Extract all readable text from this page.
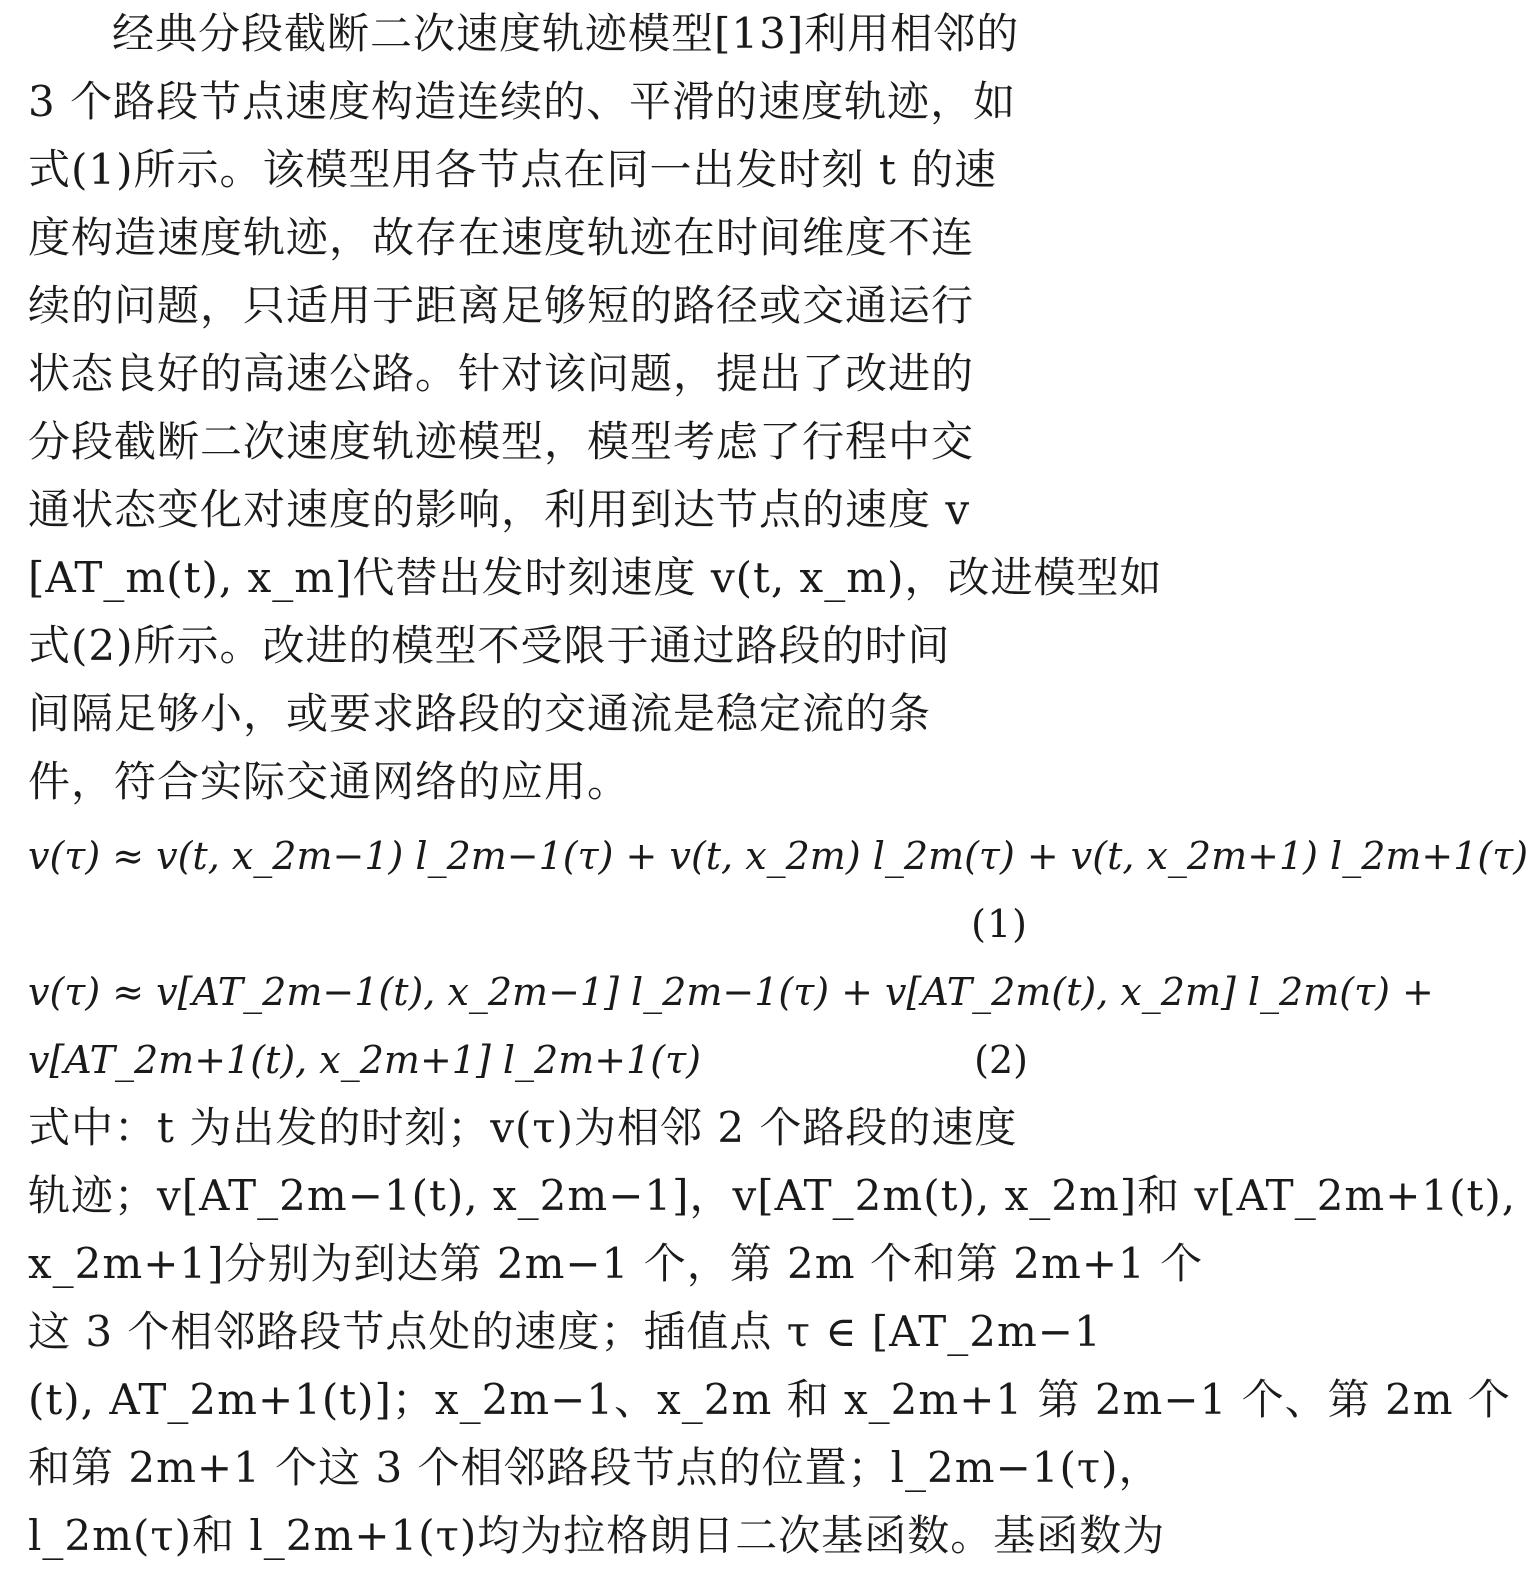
经典分段截断二次速度轨迹模型[13]利用相邻的
3 个路段节点速度构造连续的、平滑的速度轨迹，如
式(1)所示。该模型用各节点在同一出发时刻 t 的速
度构造速度轨迹，故存在速度轨迹在时间维度不连
续的问题，只适用于距离足够短的路径或交通运行
状态良好的高速公路。针对该问题，提出了改进的
分段截断二次速度轨迹模型，模型考虑了行程中交
通状态变化对速度的影响，利用到达节点的速度 v
[AT_m(t), x_m]代替出发时刻速度 v(t, x_m)，改进模型如
式(2)所示。改进的模型不受限于通过路段的时间
间隔足够小，或要求路段的交通流是稳定流的条
件，符合实际交通网络的应用。
v(τ) ≈ v(t, x_2m−1) l_2m−1(τ) + v(t, x_2m) l_2m(τ) + v(t, x_2m+1) l_2m+1(τ)
(1)
v(τ) ≈ v[AT_2m−1(t), x_2m−1] l_2m−1(τ) + v[AT_2m(t), x_2m] l_2m(τ) +
v[AT_2m+1(t), x_2m+1] l_2m+1(τ)	(2)
式中：t 为出发的时刻；v(τ)为相邻 2 个路段的速度
轨迹；v[AT_2m−1(t), x_2m−1]，v[AT_2m(t), x_2m]和 v[AT_2m+1(t),
x_2m+1]分别为到达第 2m−1 个，第 2m 个和第 2m+1 个
这 3 个相邻路段节点处的速度；插值点 τ ∈ [AT_2m−1
(t), AT_2m+1(t)]；x_2m−1、x_2m 和 x_2m+1 第 2m−1 个、第 2m 个
和第 2m+1 个这 3 个相邻路段节点的位置；l_2m−1(τ)，
l_2m(τ)和 l_2m+1(τ)均为拉格朗日二次基函数。基函数为
